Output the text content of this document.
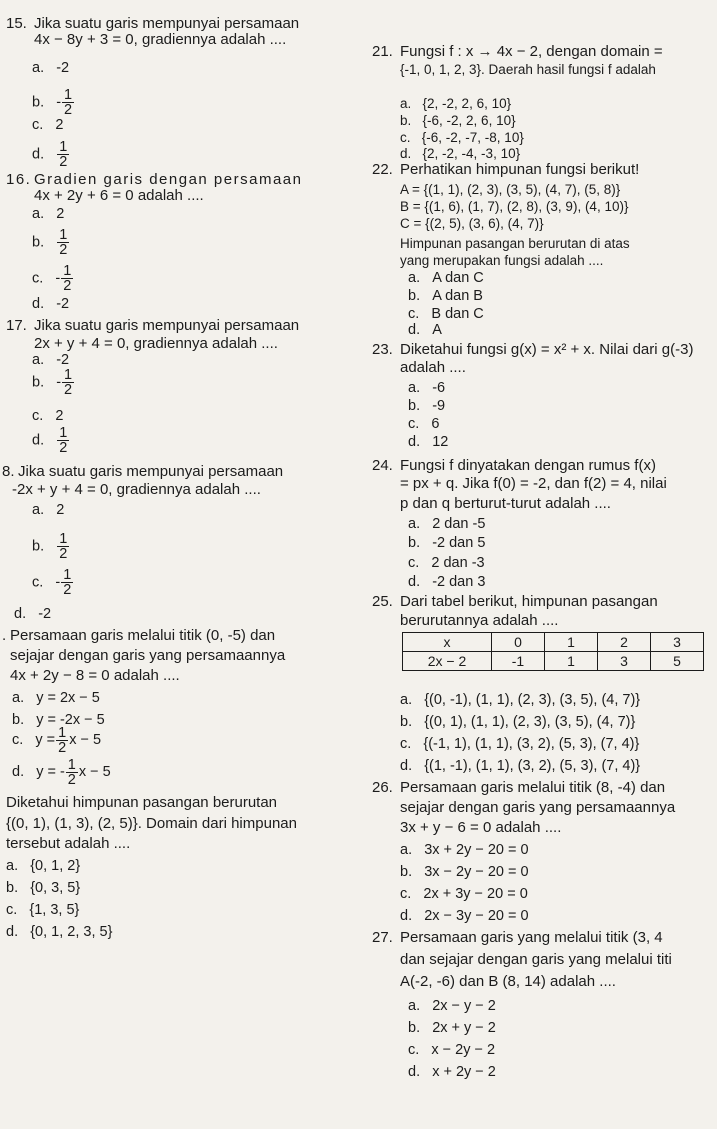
15. Jika suatu garis mempunyai persamaan
4x − 8y + 3 = 0, gradiennya adalah ....
a. -2
b. - $\frac{1}{2}$
c. 2
d. $\frac{1}{2}$
16. Gradien garis dengan persamaan
4x + 2y + 6 = 0 adalah ....
a. 2
b. $\frac{1}{2}$
c. - $\frac{1}{2}$
d. -2
17. Jika suatu garis mempunyai persamaan
2x + y + 4 = 0, gradiennya adalah ....
a. -2
b. - $\frac{1}{2}$
c. 2
d. $\frac{1}{2}$
8. Jika suatu garis mempunyai persamaan
-2x + y + 4 = 0, gradiennya adalah ....
a. 2
b. $\frac{1}{2}$
c. - $\frac{1}{2}$
d. -2
. Persamaan garis melalui titik (0, -5) dan
sejajar dengan garis yang persamaannya
4x + 2y − 8 = 0 adalah ....
a. y = 2x − 5
b. y = -2x − 5
c.
$y = \frac{1}{2}$ x − 5
d.
y = - $\frac{1}{2}$ x − 5
Diketahui himpunan pasangan berurutan
{(0, 1), (1, 3), (2, 5)}. Domain dari himpunan
tersebut adalah ....
a. {0, 1, 2}
b. {0, 3, 5}
c. {1, 3, 5}
d. {0, 1, 2, 3, 5}
21. Fungsi f : x → 4x − 2, dengan domain =
{-1, 0, 1, 2, 3}. Daerah hasil fungsi f adalah
a. {2, -2, 2, 6, 10}
b. {-6, -2, 2, 6, 10}
c. {-6, -2, -7, -8, 10}
d. {2, -2, -4, -3, 10}
22. Perhatikan himpunan fungsi berikut!
A = {(1, 1), (2, 3), (3, 5), (4, 7), (5, 8)}
B = {(1, 6), (1, 7), (2, 8), (3, 9), (4, 10)}
C = {(2, 5), (3, 6), (4, 7)}
Himpunan pasangan berurutan di atas
yang merupakan fungsi adalah ....
a. A dan C
b. A dan B
c. B dan C
d. A
23. Diketahui fungsi g(x) = x² + x. Nilai dari g(-3)
adalah ....
a. -6
b. -9
c. 6
d. 12
24. Fungsi f dinyatakan dengan rumus f(x)
= px + q. Jika f(0) = -2, dan f(2) = 4, nilai
p dan q berturut-turut adalah ....
a. 2 dan -5
b. -2 dan 5
c. 2 dan -3
d. -2 dan 3
25. Dari tabel berikut, himpunan pasangan
berurutannya adalah ....
x	0	1	2	3
2x − 2	-1	1	3	5
a. {(0, -1), (1, 1), (2, 3), (3, 5), (4, 7)}
b. {(0, 1), (1, 1), (2, 3), (3, 5), (4, 7)}
c. {(-1, 1), (1, 1), (3, 2), (5, 3), (7, 4)}
d. {(1, -1), (1, 1), (3, 2), (5, 3), (7, 4)}
26. Persamaan garis melalui titik (8, -4) dan
sejajar dengan garis yang persamaannya
3x + y − 6 = 0 adalah ....
a. 3x + 2y − 20 = 0
b. 3x − 2y − 20 = 0
c. 2x + 3y − 20 = 0
d. 2x − 3y − 20 = 0
27. Persamaan garis yang melalui titik (3, 4
dan sejajar dengan garis yang melalui titi
A(-2, -6) dan B (8, 14) adalah ....
a. 2x − y − 2
b. 2x + y − 2
c. x − 2y − 2
d. x + 2y − 2
